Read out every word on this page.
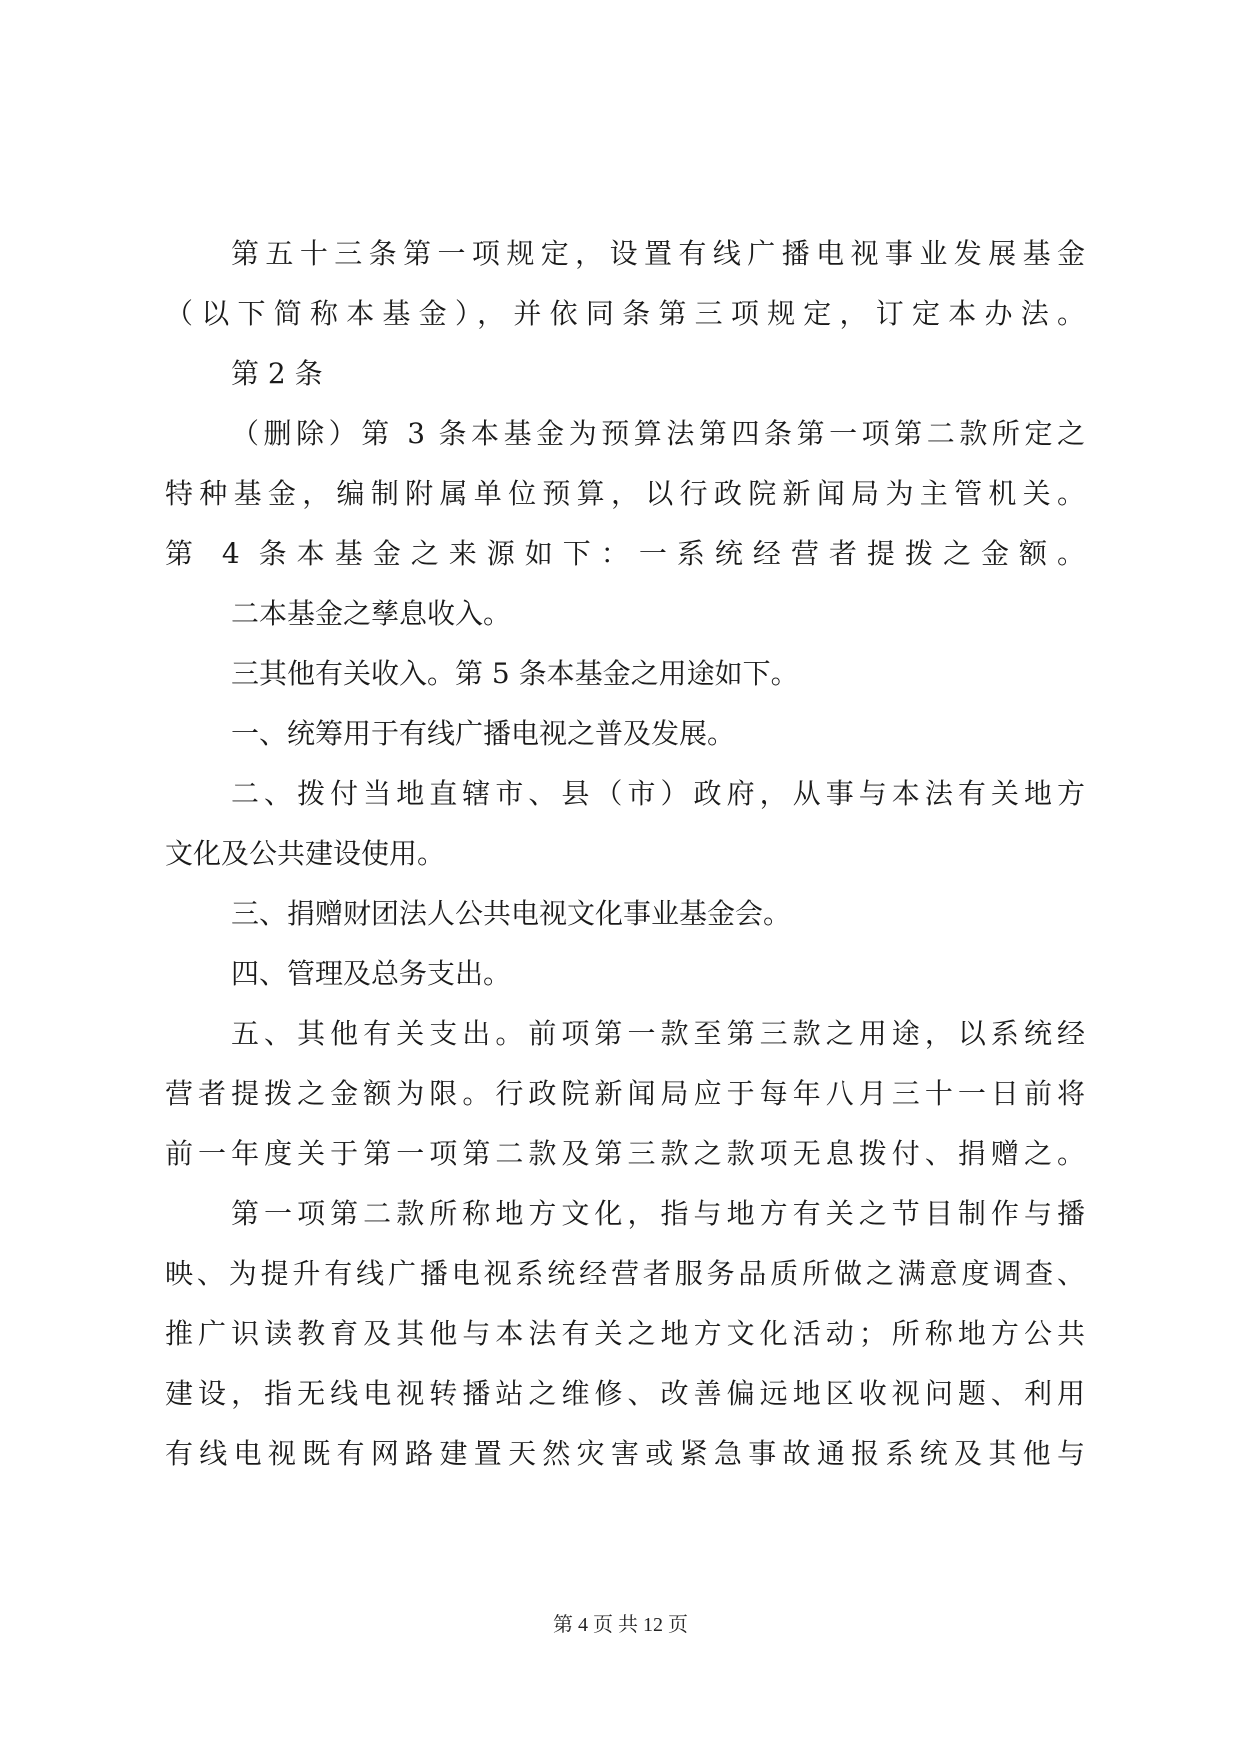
第五十三条第一项规定，设置有线广播电视事业发展基金
（以下简称本基金），并依同条第三项规定，订定本办法。
第 2 条
（删除）第 3 条本基金为预算法第四条第一项第二款所定之
特种基金，编制附属单位预算，以行政院新闻局为主管机关。
第 4 条本基金之来源如下：一系统经营者提拨之金额。
二本基金之孳息收入。
三其他有关收入。第 5 条本基金之用途如下。
一、统筹用于有线广播电视之普及发展。
二、拨付当地直辖市、县（市）政府，从事与本法有关地方
文化及公共建设使用。
三、捐赠财团法人公共电视文化事业基金会。
四、管理及总务支出。
五、其他有关支出。前项第一款至第三款之用途，以系统经
营者提拨之金额为限。行政院新闻局应于每年八月三十一日前将
前一年度关于第一项第二款及第三款之款项无息拨付、捐赠之。
第一项第二款所称地方文化，指与地方有关之节目制作与播
映、为提升有线广播电视系统经营者服务品质所做之满意度调查、
推广识读教育及其他与本法有关之地方文化活动；所称地方公共
建设，指无线电视转播站之维修、改善偏远地区收视问题、利用
有线电视既有网路建置天然灾害或紧急事故通报系统及其他与
第 4 页 共 12 页
